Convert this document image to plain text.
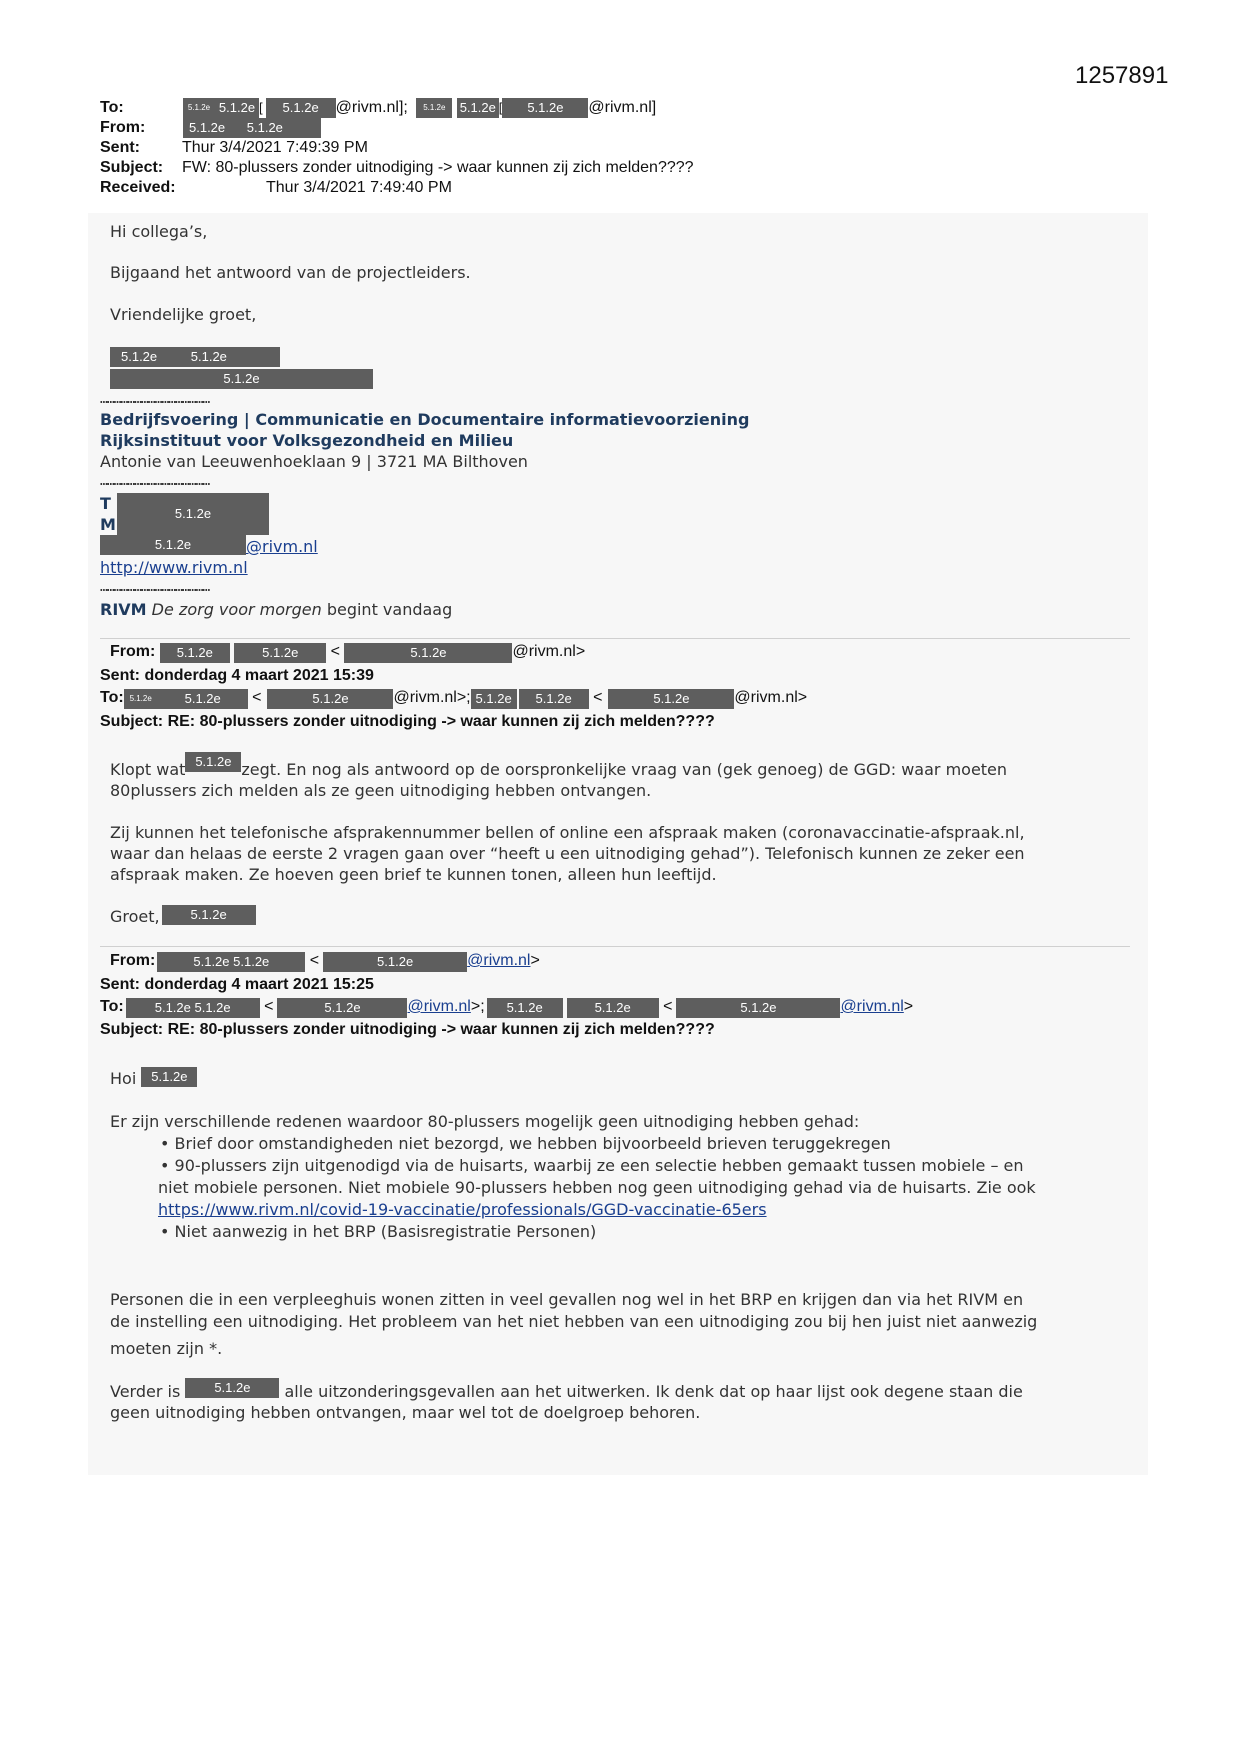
1257891
To:	5.1.2e 5.1.2e [ 5.1.2e @rivm.nl]; 5.1.2e 5.1.2e [ 5.1.2e @rivm.nl]
From:	5.1.2e 5.1.2e
Sent:	Thur 3/4/2021 7:49:39 PM
Subject: FW: 80-plussers zonder uitnodiging -> waar kunnen zij zich melden????
Received:	Thur 3/4/2021 7:49:40 PM
Hi collega’s,
Bijgaand het antwoord van de projectleiders.
Vriendelijke groet,
5.1.2e 5.1.2e
5.1.2e
…………………………………………
Bedrijfsvoering | Communicatie en Documentaire informatievoorziening
Rijksinstituut voor Volksgezondheid en Milieu
Antonie van Leeuwenhoeklaan 9 | 3721 MA Bilthoven
…………………………………………
T
M
5.1.2e
5.1.2e	@rivm.nl
http://www.rivm.nl
…………………………………………
RIVM De zorg voor morgen begint vandaag
From: 5.1.2e	5.1.2e <	5.1.2e	@rivm.nl>
Sent: donderdag 4 maart 2021 15:39
To: 5.1.2e	5.1.2e <	5.1.2e	@rivm.nl>; 5.1.2e 5.1.2e <	5.1.2e	@rivm.nl>
Subject: RE: 80-plussers zonder uitnodiging -> waar kunnen zij zich melden????
Klopt wat 5.1.2e zegt. En nog als antwoord op de oorspronkelijke vraag van (gek genoeg) de GGD: waar moeten
80plussers zich melden als ze geen uitnodiging hebben ontvangen.
Zij kunnen het telefonische afsprakennummer bellen of online een afspraak maken (coronavaccinatie-afspraak.nl,
waar dan helaas de eerste 2 vragen gaan over “heeft u een uitnodiging gehad”). Telefonisch kunnen ze zeker een
afspraak maken. Ze hoeven geen brief te kunnen tonen, alleen hun leeftijd.
Groet, 5.1.2e
From:	5.1.2e 5.1.2e <	5.1.2e	@rivm.nl>
Sent: donderdag 4 maart 2021 15:25
To: 5.1.2e 5.1.2e <	5.1.2e	@rivm.nl>; 5.1.2e	5.1.2e <	5.1.2e	@rivm.nl>
Subject: RE: 80-plussers zonder uitnodiging -> waar kunnen zij zich melden????
Hoi 5.1.2e
Er zijn verschillende redenen waardoor 80-plussers mogelijk geen uitnodiging hebben gehad:
• Brief door omstandigheden niet bezorgd, we hebben bijvoorbeeld brieven teruggekregen
• 90-plussers zijn uitgenodigd via de huisarts, waarbij ze een selectie hebben gemaakt tussen mobiele – en
niet mobiele personen. Niet mobiele 90-plussers hebben nog geen uitnodiging gehad via de huisarts. Zie ook
https://www.rivm.nl/covid-19-vaccinatie/professionals/GGD-vaccinatie-65ers
• Niet aanwezig in het BRP (Basisregistratie Personen)
Personen die in een verpleeghuis wonen zitten in veel gevallen nog wel in het BRP en krijgen dan via het RIVM en
de instelling een uitnodiging. Het probleem van het niet hebben van een uitnodiging zou bij hen juist niet aanwezig
moeten zijn *.
Verder is	5.1.2e alle uitzonderingsgevallen aan het uitwerken. Ik denk dat op haar lijst ook degene staan die
geen uitnodiging hebben ontvangen, maar wel tot de doelgroep behoren.
